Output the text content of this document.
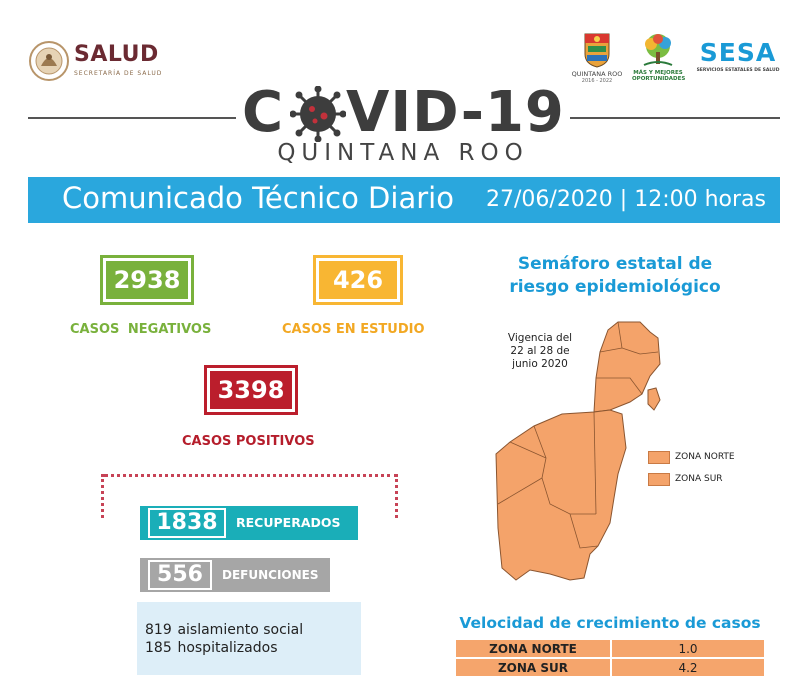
SALUD
SECRETARÍA DE SALUD	QUINTANA ROO
2016 - 2022
MÁS Y MEJORES
OPORTUNIDADES
SESA
SERVICIOS ESTATALES DE SALUD
C VID-19
QUINTANA ROO
Comunicado Técnico Diario 27/06/2020 | 12:00 horas
2938
CASOS NEGATIVOS
426
CASOS EN ESTUDIO
3398
CASOS POSITIVOS
1838	RECUPERADOS
556	DEFUNCIONES
819 aislamiento social
185 hospitalizados
Semáforo estatal de
riesgo epidemiológico
Vigencia del
22 al 28 de
junio 2020
ZONA NORTE
ZONA SUR
Velocidad de crecimiento de casos
ZONA NORTE	1.0
ZONA SUR	4.2
